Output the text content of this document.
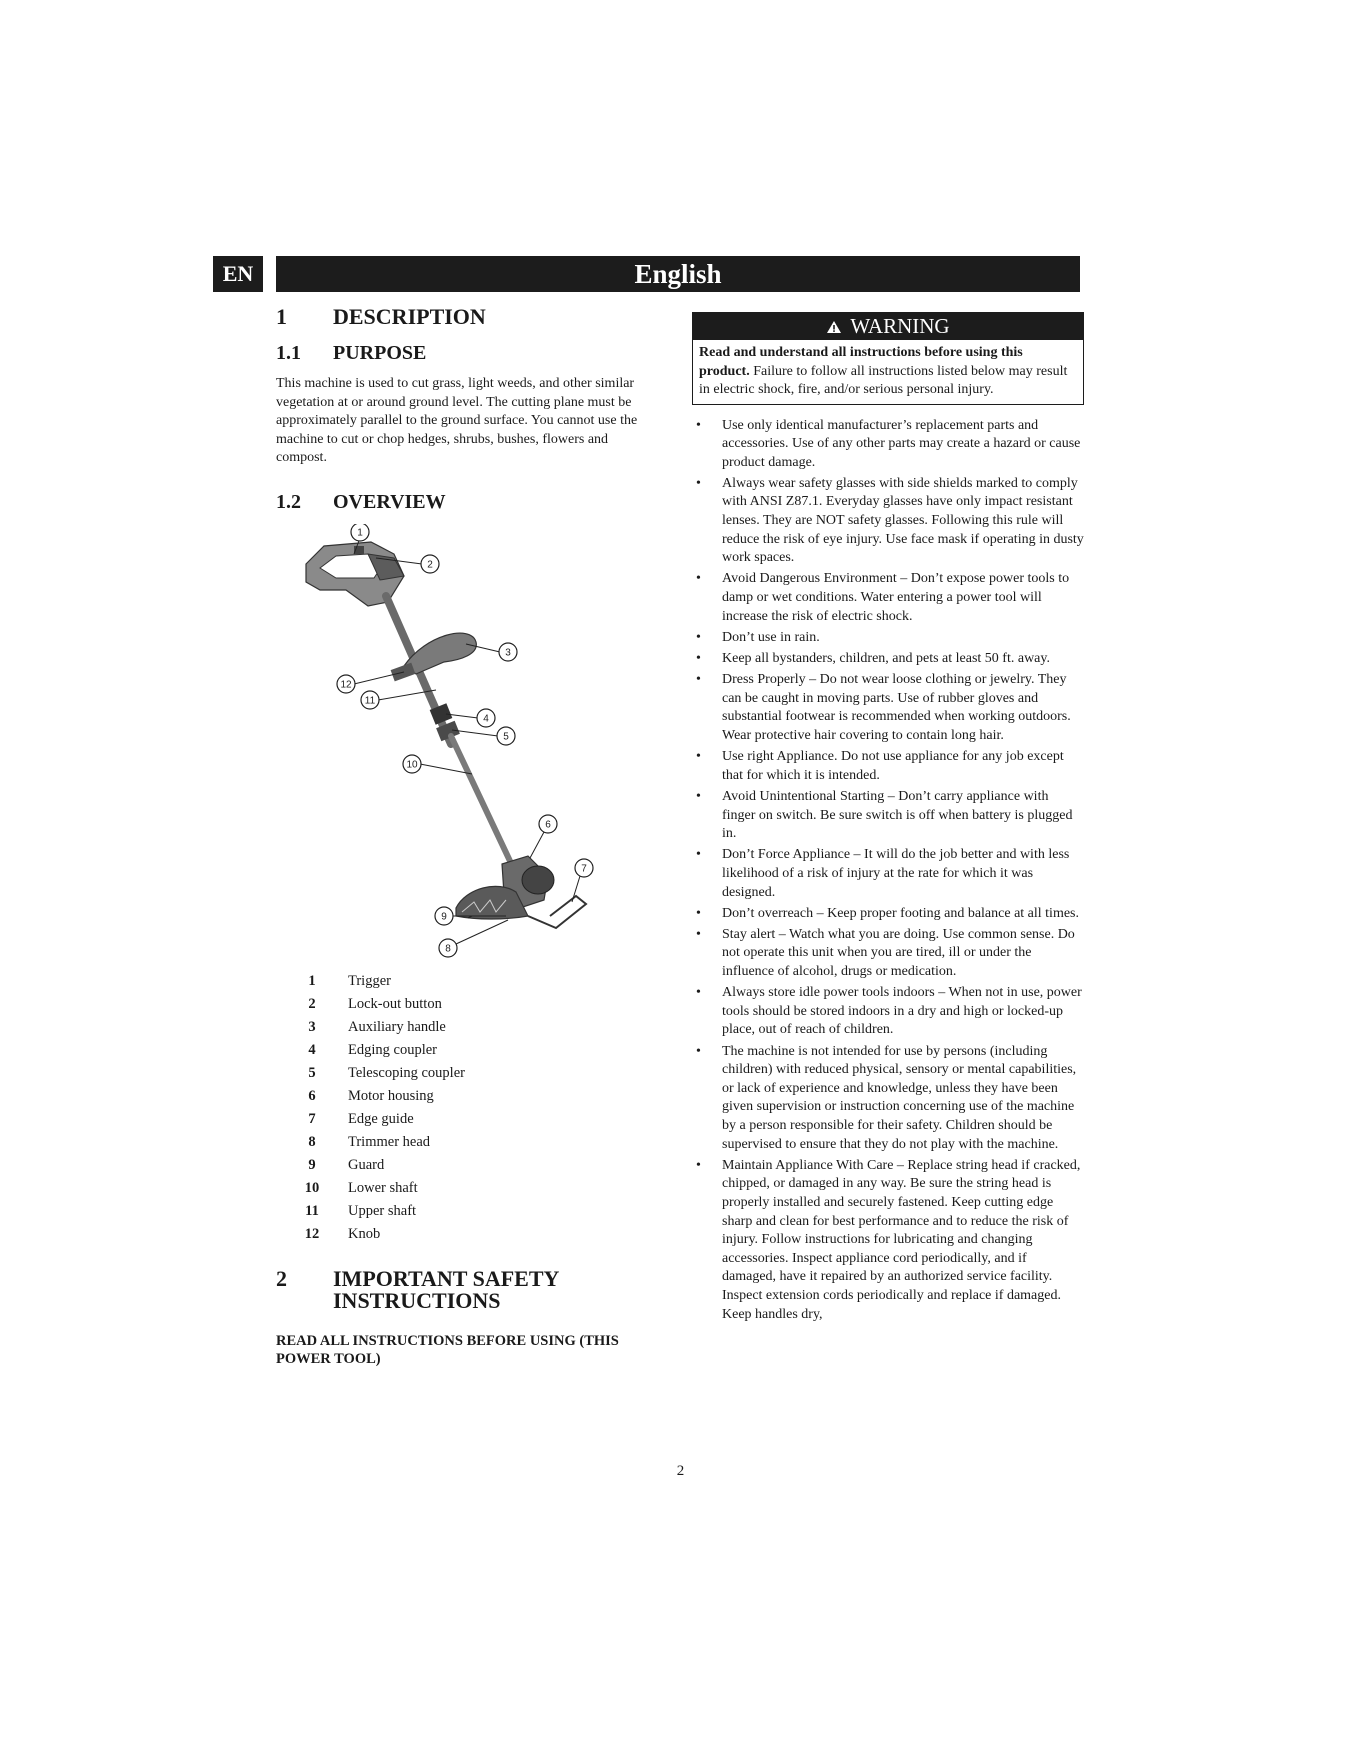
EN	English
1	DESCRIPTION
1.1	PURPOSE

This machine is used to cut grass, light weeds, and other similar vegetation at or around ground level. The cutting plane must be approximately parallel to the ground surface. You cannot use the machine to cut or chop hedges, shrubs, bushes, flowers and compost.

1.2	OVERVIEW
1
2
3
4
5
6
7
8
9
10
11
12
1	Trigger
2	Lock-out button
3	Auxiliary handle
4	Edging coupler
5	Telescoping coupler
6	Motor housing
7	Edge guide
8	Trimmer head
9	Guard
10	Lower shaft
11	Upper shaft
12	Knob
2	IMPORTANT SAFETY
INSTRUCTIONS
READ ALL INSTRUCTIONS BEFORE USING (THIS POWER TOOL)
WARNING
Read and understand all instructions before using this product. Failure to follow all instructions listed below may result in electric shock, fire, and/or serious personal injury.
•	Use only identical manufacturer’s replacement parts and accessories. Use of any other parts may create a hazard or cause product damage.
•	Always wear safety glasses with side shields marked to comply with ANSI Z87.1. Everyday glasses have only impact resistant lenses. They are NOT safety glasses. Following this rule will reduce the risk of eye injury. Use face mask if operating in dusty work spaces.
•	Avoid Dangerous Environment – Don’t expose power tools to damp or wet conditions. Water entering a power tool will increase the risk of electric shock.
•	Don’t use in rain.
•	Keep all bystanders, children, and pets at least 50 ft. away.
•	Dress Properly – Do not wear loose clothing or jewelry. They can be caught in moving parts. Use of rubber gloves and substantial footwear is recommended when working outdoors. Wear protective hair covering to contain long hair.
•	Use right Appliance. Do not use appliance for any job except that for which it is intended.
•	Avoid Unintentional Starting – Don’t carry appliance with finger on switch. Be sure switch is off when battery is plugged in.
•	Don’t Force Appliance – It will do the job better and with less likelihood of a risk of injury at the rate for which it was designed.
•	Don’t overreach – Keep proper footing and balance at all times.
•	Stay alert – Watch what you are doing. Use common sense. Do not operate this unit when you are tired, ill or under the influence of alcohol, drugs or medication.
•	Always store idle power tools indoors – When not in use, power tools should be stored indoors in a dry and high or locked-up place, out of reach of children.
•	The machine is not intended for use by persons (including children) with reduced physical, sensory or mental capabilities, or lack of experience and knowledge, unless they have been given supervision or instruction concerning use of the machine by a person responsible for their safety. Children should be supervised to ensure that they do not play with the machine.
•	Maintain Appliance With Care – Replace string head if cracked, chipped, or damaged in any way. Be sure the string head is properly installed and securely fastened. Keep cutting edge sharp and clean for best performance and to reduce the risk of injury. Follow instructions for lubricating and changing accessories. Inspect appliance cord periodically, and if damaged, have it repaired by an authorized service facility. Inspect extension cords periodically and replace if damaged. Keep handles dry,
2
